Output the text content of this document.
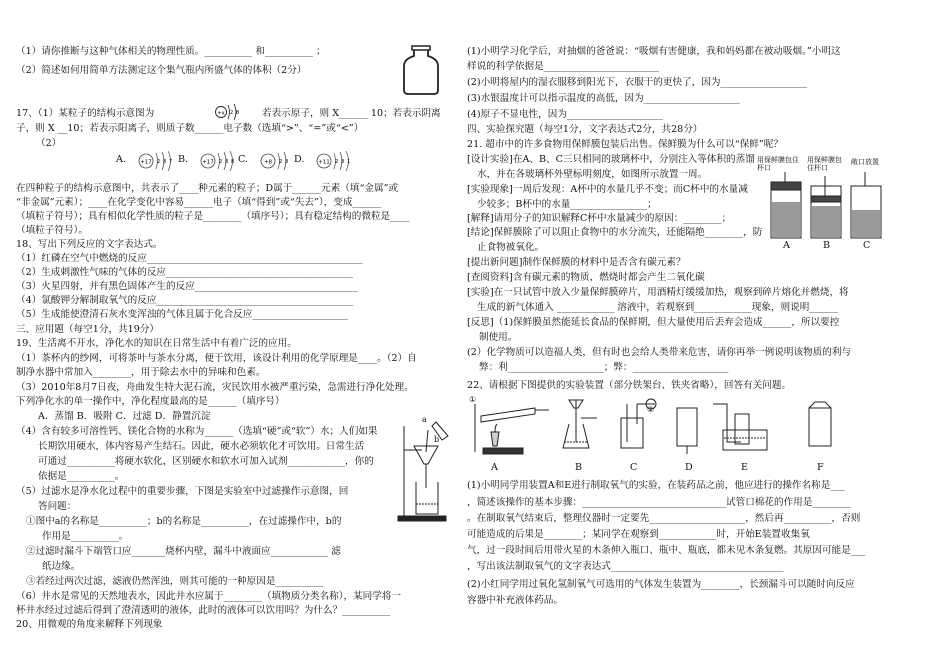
（1）请你推断与这种气体相关的物理性质。__________ 和__________ ；
（2）简述如何用简单方法测定这个集气瓶内所盛气体的体积（2分）
17、（1）某粒子的结构示意图为	+x 2 8 若表示原子，则 X______ 10；若表示阴离
子，则 X __10；若表示阳离子，则质子数______电子数（选填“>”、“=”或“<”）
（2）
+17 2 8 7	+17 2 8 8	+8 2 8	+11 2 8 1
A.	B.	C.	D.
在四种粒子的结构示意图中，共表示了____种元素的粒子；D属于______元素（填“金属”或
“非金属”元素）；____在化学变化中容易______电子（填“得到”或“失去”），变成______
（填粒子符号）；具有相似化学性质的粒子是________（填序号）；具有稳定结构的微粒是____
（填粒子符号）。
18、写出下列反应的文字表达式。
（1）红磷在空气中燃烧的反应_____________________________________________
（2）生成刺激性气味的气体的反应_______________________________________
（3）火星四射，并有黑色固体产生的反应__________________________________
（4）氯酸钾分解制取氧气的反应_________________________________________
（5）生成能使澄清石灰水变浑浊的气体且属于化合反应____________________
三、应用题（每空1分，共19分）
19、生活离不开水，净化水的知识在日常生活中有着广泛的应用。
（1）茶杯内的纱网，可将茶叶与茶水分离，便于饮用，该设计利用的化学原理是____。（2）自
制净水器中常加入________，用于除去水中的异味和色素。
（3）2010年8月7日夜，舟曲发生特大泥石流，灾民饮用水被严重污染，急需进行净化处理。
下列净化水的单一操作中，净化程度最高的是______（填序号）
A．蒸馏 B．吸附 C．过滤 D．静置沉淀
（4）含有较多可溶性钙、镁化合物的水称为______（选填“硬”或“软”）水；人们如果
长期饮用硬水，体内容易产生结石。因此，硬水必须软化才可饮用。日常生活
可通过__________将硬水软化，区别硬水和软水可加入试剂____________，你的
依据是__________。
（5）过滤水是净水化过程中的重要步骤，下图是实验室中过滤操作示意图，回
答问题：
①图中a的名称是__________；b的名称是__________，在过滤操作中，b的
作用是__________。
②过滤时漏斗下端管口应_______烧杯内壁，漏斗中液面应____________ 滤
纸边缘。
③若经过两次过滤，滤液仍然浑浊，则其可能的一种原因是__________
（6）井水是常见的天然地表水，因此井水应属于________（填物质分类名称），某同学将一
杯井水经过过滤后得到了澄清透明的液体，此时的液体可以饮用吗？为什么？__________
20、用微观的角度来解释下列现象
a
b
(1)小明学习化学后，对抽烟的爸爸说：“吸烟有害健康，我和妈妈都在被动吸烟。”小明这
样说的科学依据是________________________
(2)小明将屋内的湿衣服移到阳光下，衣服干的更快了，因为__________________
(3)水银温度计可以指示温度的高低，因为____________________
(4)原子不显电性，因为____________________
四、实验探究题（每空1分，文字表达式2分，共28分）
21. 超市中的许多食物用保鲜膜包装后出售。保鲜膜为什么可以“保鲜”呢？
[设计实验]在A、B、C三只相同的玻璃杯中，分别注入等体积的蒸馏
水，并在各玻璃杯外壁标明刻度，如图所示放置一周。
[实验现象]一周后发现：A杯中的水量几乎不变；而C杯中的水量减
少较多；B杯中的水量________________；
[解释]请用分子的知识解释C杯中水量减少的原因：________；
[结论]保鲜膜除了可以阻止食物中的水分流失，还能隔绝________，防
止食物被氧化。
[提出新问题]制作保鲜膜的材料中是否含有碳元素？
[查阅资料]含有碳元素的物质，燃烧时都会产生二氧化碳
[实验]在一只试管中放入少量保鲜膜碎片，用酒精灯缓缓加热，观察到碎片熔化并燃烧，将
生成的新气体通入 ____________ 溶液中，若观察到____________现象，则说明______
[反思]（1)保鲜膜虽然能延长食品的保鲜期，但大量使用后丢弃会造成______，所以要控
制使用。
(2）化学物质可以造福人类，但有时也会给人类带来危害，请你再举一例说明该物质的利与
弊：利____________________；弊：____________________
22、请根据下图提供的实验装置（部分铁架台、铁夹省略），回答有关问题。
用保鲜膜包住杯口
用保鲜膜包住杯口
敞口放置
A	B	C
①
②
A	B	C	D	E	F
(1)小明同学用装置A和E进行制取氧气的实验，在装药品之前，他应进行的操作名称是___
，简述该操作的基本步骤：______________________________试管口棉花的作用是________
。在制取氧气结束后，整理仪器时一定要先____________________，然后再__________，否则
可能造成的后果是________；某同学在观察到____________时，开始E装置收集氧
气，过一段时间后用带火星的木条伸入瓶口、瓶中、瓶底，都未见木条复燃。其原因可能是___
，写出该法制取氧气的文字表达式____________________________________
(2)小红同学用过氧化氢制氧气可选用的气体发生装置为________，长颈漏斗可以随时向反应
容器中补充液体药品。
